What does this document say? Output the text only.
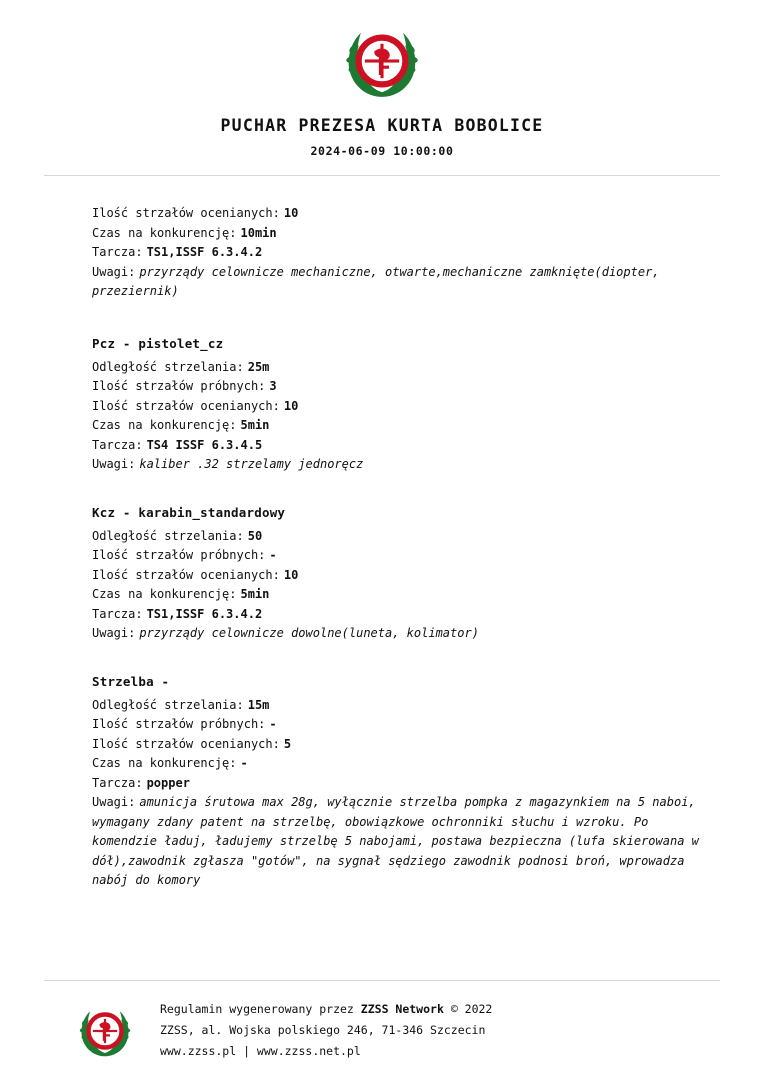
PUCHAR PREZESA KURTA BOBOLICE
2024-06-09 10:00:00
Ilość strzałów ocenianych: 10
Czas na konkurencję: 10min
Tarcza: TS1,ISSF 6.3.4.2
Uwagi: przyrządy celownicze mechaniczne, otwarte,mechaniczne zamknięte(diopter, przeziernik)
Pcz - pistolet_cz
Odległość strzelania: 25m
Ilość strzałów próbnych: 3
Ilość strzałów ocenianych: 10
Czas na konkurencję: 5min
Tarcza: TS4 ISSF 6.3.4.5
Uwagi: kaliber .32 strzelamy jednoręcz
Kcz - karabin_standardowy
Odległość strzelania: 50
Ilość strzałów próbnych: -
Ilość strzałów ocenianych: 10
Czas na konkurencję: 5min
Tarcza: TS1,ISSF 6.3.4.2
Uwagi: przyrządy celownicze dowolne(luneta, kolimator)
Strzelba -
Odległość strzelania: 15m
Ilość strzałów próbnych: -
Ilość strzałów ocenianych: 5
Czas na konkurencję: -
Tarcza: popper
Uwagi: amunicja śrutowa max 28g, wyłącznie strzelba pompka z magazynkiem na 5 naboi, wymagany zdany patent na strzelbę, obowiązkowe ochronniki słuchu i wzroku. Po komendzie ładuj, ładujemy strzelbę 5 nabojami, postawa bezpieczna (lufa skierowana w dół),zawodnik zgłasza "gotów", na sygnał sędziego zawodnik podnosi broń, wprowadza nabój do komory
Regulamin wygenerowany przez ZZSS Network © 2022
ZZSS, al. Wojska polskiego 246, 71-346 Szczecin
www.zzss.pl | www.zzss.net.pl
